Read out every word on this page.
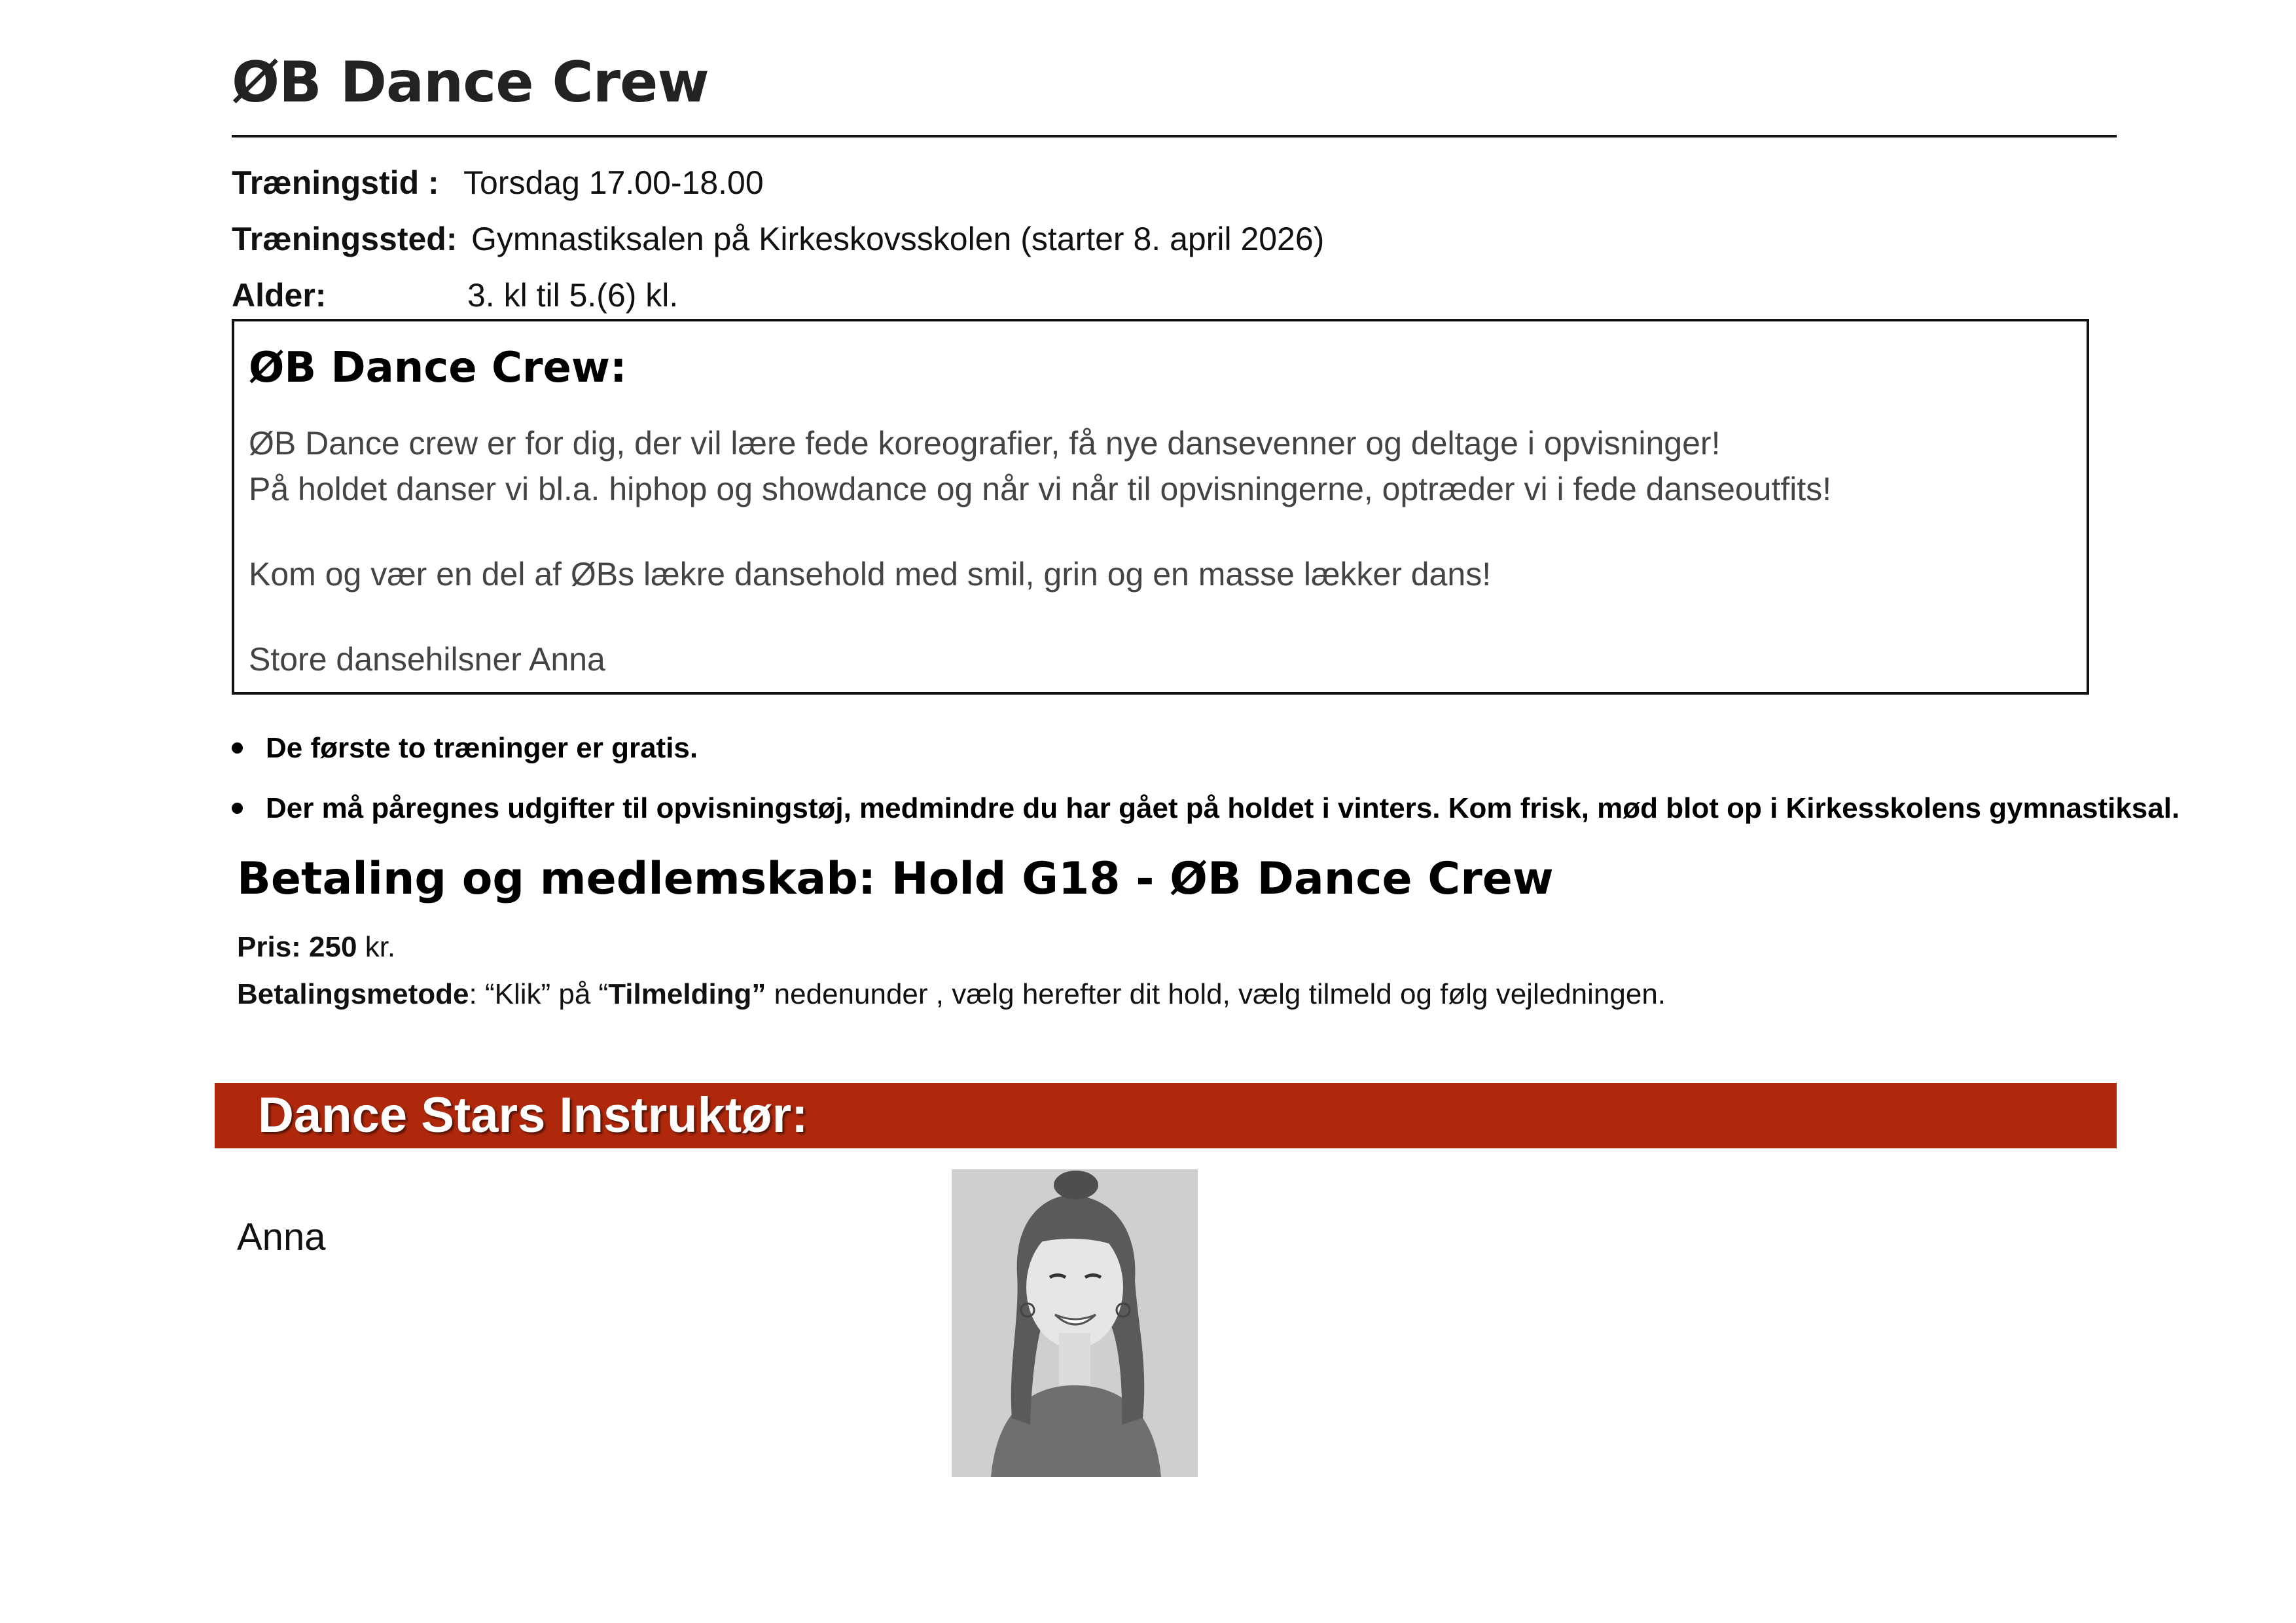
ØB Dance Crew
Træningstid : Torsdag 17.00-18.00
Træningssted: Gymnastiksalen på Kirkeskovsskolen (starter 8. april 2026)
Alder:	3. kl til 5.(6) kl.
ØB Dance Crew:
ØB Dance crew er for dig, der vil lære fede koreografier, få nye dansevenner og deltage i opvisninger!
På holdet danser vi bl.a. hiphop og showdance og når vi når til opvisningerne, optræder vi i fede danseoutfits!
Kom og vær en del af ØBs lækre dansehold med smil, grin og en masse lækker dans!
Store dansehilsner Anna
De første to træninger er gratis.
Der må påregnes udgifter til opvisningstøj, medmindre du har gået på holdet i vinters. Kom frisk, mød blot op i Kirkesskolens gymnastiksal.
Betaling og medlemskab: Hold G18 - ØB Dance Crew
Pris: 250 kr.
Betalingsmetode: “Klik” på “Tilmelding” nedenunder , vælg herefter dit hold, vælg tilmeld og følg vejledningen.
Dance Stars Instruktør:
Anna
